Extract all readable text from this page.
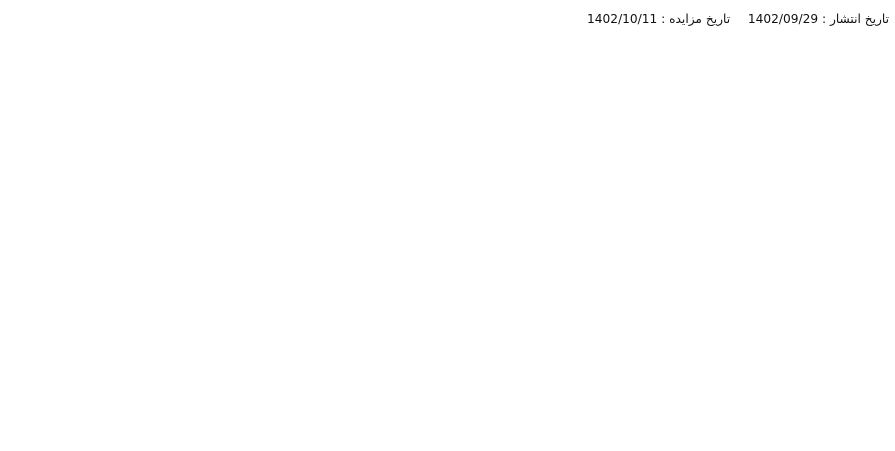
تاریخ انتشار : 1402/09/29  تاریخ مزایده : 1402/10/11
